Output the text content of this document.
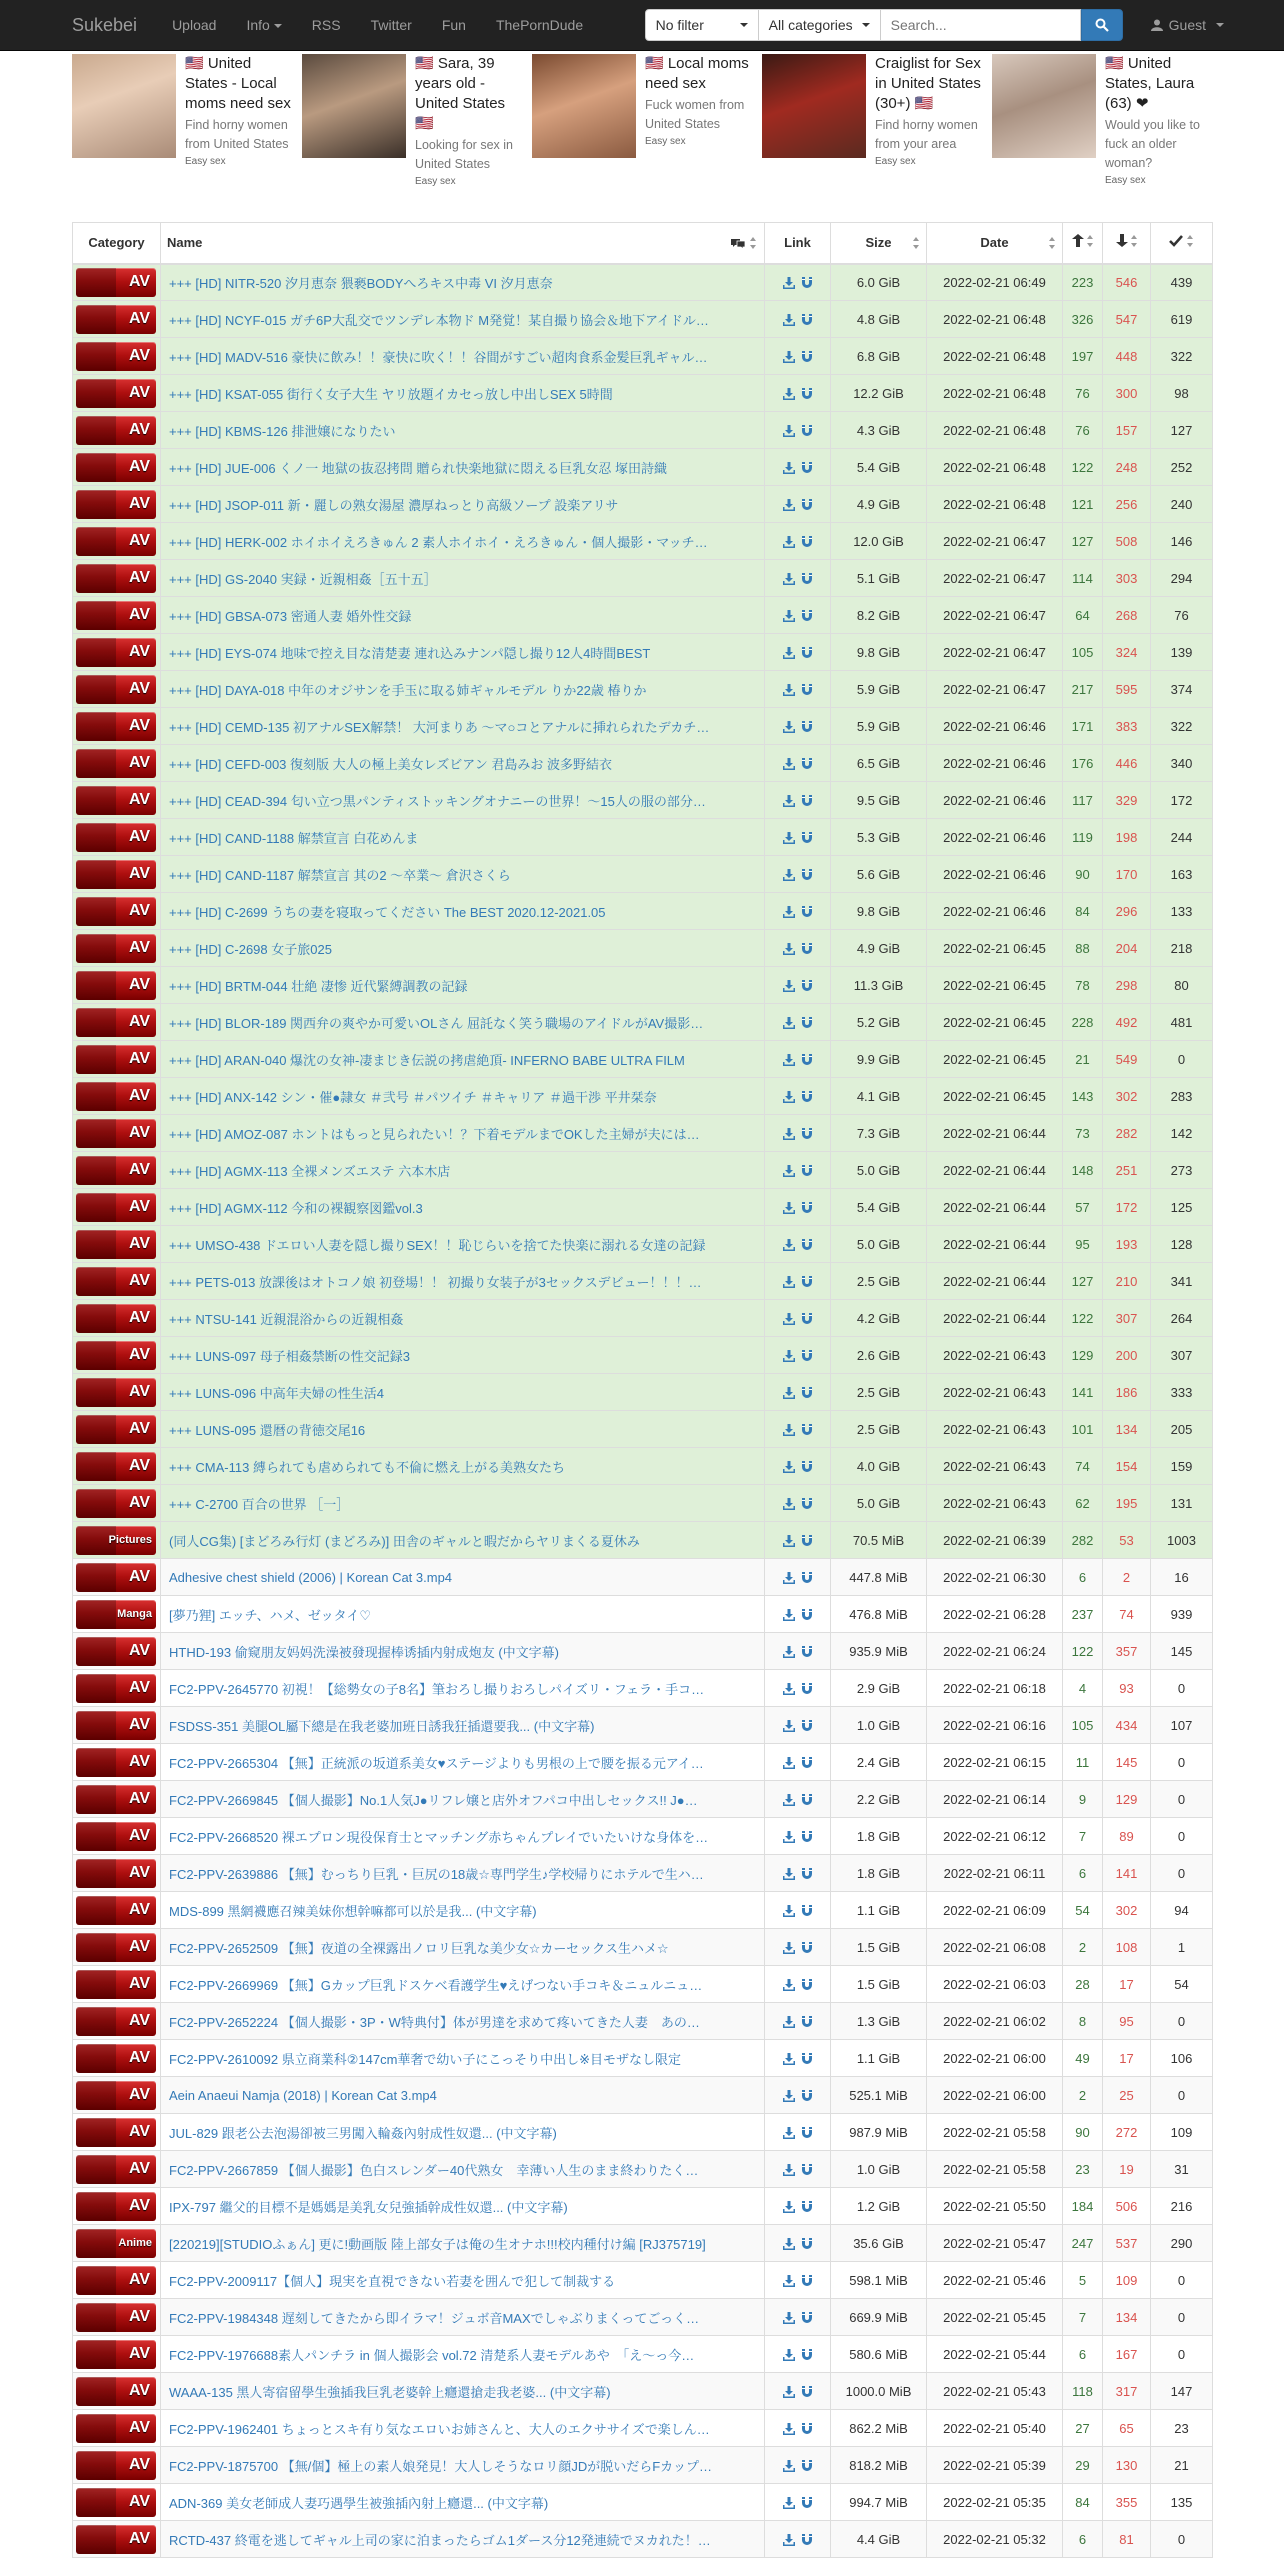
Sukebei	Upload	Info	RSS	Twitter	Fun	ThePornDude	No filter	All categories
Search...	Guest
🇺🇸 United States - Local moms need sex
Find horny women from United States
Easy sex
🇺🇸 Sara, 39 years old - United States 🇺🇸
Looking for sex in United States
Easy sex
🇺🇸 Local moms need sex
Fuck women from United States
Easy sex
Craiglist for Sex in United States (30+) 🇺🇸
Find horny women from your area
Easy sex
🇺🇸 United States, Laura (63) ❤
Would you like to fuck an older woman?
Easy sex
Category	Name	Link	Size	Date

AV	+++ [HD] NITR-520 汐月恵奈 猥褻BODYへろキス中毒 VI 汐月恵奈		6.0 GiB	2022-02-21 06:49	223	546	439

AV	+++ [HD] NCYF-015 ガチ6P大乱交でツンデレ本物ド M発覚！某自撮り協会＆地下アイドル…		4.8 GiB	2022-02-21 06:48	326	547	619

AV	+++ [HD] MADV-516 豪快に飲み！！豪快に吹く！！谷間がすごい超肉食系金髪巨乳ギャル…		6.8 GiB	2022-02-21 06:48	197	448	322

AV	+++ [HD] KSAT-055 街行く女子大生 ヤリ放題イカセっ放し中出しSEX 5時間		12.2 GiB	2022-02-21 06:48	76	300	98

AV	+++ [HD] KBMS-126 排泄嬢になりたい		4.3 GiB	2022-02-21 06:48	76	157	127

AV	+++ [HD] JUE-006 くノ一 地獄の抜忍拷問 贈られ快楽地獄に悶える巨乳女忍 塚田詩織		5.4 GiB	2022-02-21 06:48	122	248	252

AV	+++ [HD] JSOP-011 新・麗しの熟女湯屋 濃厚ねっとり高級ソープ 設楽アリサ		4.9 GiB	2022-02-21 06:48	121	256	240

AV	+++ [HD] HERK-002 ホイホイえろきゅん 2 素人ホイホイ・えろきゅん・個人撮影・マッチ…		12.0 GiB	2022-02-21 06:47	127	508	146

AV	+++ [HD] GS-2040 実録・近親相姦［五十五］		5.1 GiB	2022-02-21 06:47	114	303	294

AV	+++ [HD] GBSA-073 密通人妻 婚外性交録		8.2 GiB	2022-02-21 06:47	64	268	76

AV	+++ [HD] EYS-074 地味で控え目な清楚妻 連れ込みナンパ隠し撮り12人4時間BEST		9.8 GiB	2022-02-21 06:47	105	324	139

AV	+++ [HD] DAYA-018 中年のオジサンを手玉に取る姉ギャルモデル りか22歳 椿りか		5.9 GiB	2022-02-21 06:47	217	595	374

AV	+++ [HD] CEMD-135 初アナルSEX解禁！ 大河まりあ ～マ○コとアナルに挿れられたデカチ…		5.9 GiB	2022-02-21 06:46	171	383	322

AV	+++ [HD] CEFD-003 復刻版 大人の極上美女レズビアン 君島みお 波多野結衣		6.5 GiB	2022-02-21 06:46	176	446	340

AV	+++ [HD] CEAD-394 匂い立つ黒パンティストッキングオナニーの世界！～15人の服の部分…		9.5 GiB	2022-02-21 06:46	117	329	172

AV	+++ [HD] CAND-1188 解禁宣言 白花めんま		5.3 GiB	2022-02-21 06:46	119	198	244

AV	+++ [HD] CAND-1187 解禁宣言 其の2 ～卒業～ 倉沢さくら		5.6 GiB	2022-02-21 06:46	90	170	163

AV	+++ [HD] C-2699 うちの妻を寝取ってください The BEST 2020.12-2021.05		9.8 GiB	2022-02-21 06:46	84	296	133

AV	+++ [HD] C-2698 女子旅025		4.9 GiB	2022-02-21 06:45	88	204	218

AV	+++ [HD] BRTM-044 壮絶 凄惨 近代緊縛調教の記録		11.3 GiB	2022-02-21 06:45	78	298	80

AV	+++ [HD] BLOR-189 関西弁の爽やか可愛いOLさん 屈託なく笑う職場のアイドルがAV撮影…		5.2 GiB	2022-02-21 06:45	228	492	481

AV	+++ [HD] ARAN-040 爆沈の女神-凄まじき伝説の拷虐絶頂- INFERNO BABE ULTRA FILM		9.9 GiB	2022-02-21 06:45	21	549	0

AV	+++ [HD] ANX-142 シン・催●隷女 ＃弐号 ＃パツイチ ＃キャリア ＃過干渉 平井栞奈		4.1 GiB	2022-02-21 06:45	143	302	283

AV	+++ [HD] AMOZ-087 ホントはもっと見られたい！？下着モデルまでOKした主婦が夫には…		7.3 GiB	2022-02-21 06:44	73	282	142

AV	+++ [HD] AGMX-113 全裸メンズエステ 六本木店		5.0 GiB	2022-02-21 06:44	148	251	273

AV	+++ [HD] AGMX-112 今和の裸観察図鑑vol.3		5.4 GiB	2022-02-21 06:44	57	172	125

AV	+++ UMSO-438 ドエロい人妻を隠し撮りSEX！！恥じらいを捨てた快楽に溺れる女達の記録		5.0 GiB	2022-02-21 06:44	95	193	128

AV	+++ PETS-013 放課後はオトコノ娘 初登場！！ 初撮り女装子が3セックスデビュー！！！…		2.5 GiB	2022-02-21 06:44	127	210	341

AV	+++ NTSU-141 近親混浴からの近親相姦		4.2 GiB	2022-02-21 06:44	122	307	264

AV	+++ LUNS-097 母子相姦禁断の性交記録3		2.6 GiB	2022-02-21 06:43	129	200	307

AV	+++ LUNS-096 中高年夫婦の性生活4		2.5 GiB	2022-02-21 06:43	141	186	333

AV	+++ LUNS-095 還暦の背徳交尾16		2.5 GiB	2022-02-21 06:43	101	134	205

AV	+++ CMA-113 縛られても虐められても不倫に燃え上がる美熟女たち		4.0 GiB	2022-02-21 06:43	74	154	159

AV	+++ C-2700 百合の世界 ［一］		5.0 GiB	2022-02-21 06:43	62	195	131

Pictures	(同人CG集) [まどろみ行灯 (まどろみ)] 田舎のギャルと暇だからヤリまくる夏休み		70.5 MiB	2022-02-21 06:39	282	53	1003

AV	Adhesive chest shield (2006) | Korean Cat 3.mp4		447.8 MiB	2022-02-21 06:30	6	2	16

Manga	[夢乃狸] エッチ、ハメ、ゼッタイ♡		476.8 MiB	2022-02-21 06:28	237	74	939

AV	HTHD-193 偷窥朋友妈妈洗澡被發现握棒诱插内射成炮友 (中文字幕)		935.9 MiB	2022-02-21 06:24	122	357	145

AV	FC2-PPV-2645770 初視！【総勢女の子8名】筆おろし撮りおろしパイズリ・フェラ・手コ…		2.9 GiB	2022-02-21 06:18	4	93	0

AV	FSDSS-351 美腿OL屬下總是在我老婆加班日誘我狂插還要我... (中文字幕)		1.0 GiB	2022-02-21 06:16	105	434	107

AV	FC2-PPV-2665304 【無】正統派の坂道系美女♥ステージよりも男根の上で腰を振る元アイ…		2.4 GiB	2022-02-21 06:15	11	145	0

AV	FC2-PPV-2669845 【個人撮影】No.1人気J●リフレ嬢と店外オフパコ中出しセックス!! J●…		2.2 GiB	2022-02-21 06:14	9	129	0

AV	FC2-PPV-2668520 裸エプロン現役保育士とマッチング赤ちゃんプレイでいたいけな身体を…		1.8 GiB	2022-02-21 06:12	7	89	0

AV	FC2-PPV-2639886 【無】むっちり巨乳・巨尻の18歳☆専門学生♪学校帰りにホテルで生ハ…		1.8 GiB	2022-02-21 06:11	6	141	0

AV	MDS-899 黑網襪應召辣美妹你想幹嘛都可以於是我... (中文字幕)		1.1 GiB	2022-02-21 06:09	54	302	94

AV	FC2-PPV-2652509 【無】夜道の全裸露出ノロリ巨乳な美少女☆カーセックス生ハメ☆		1.5 GiB	2022-02-21 06:08	2	108	1

AV	FC2-PPV-2669969 【無】Gカップ巨乳ドスケベ看護学生♥えげつない手コキ＆ニュルニュ…		1.5 GiB	2022-02-21 06:03	28	17	54

AV	FC2-PPV-2652224 【個人撮影・3P・W特典付】体が男達を求めて疼いてきた人妻　あの…		1.3 GiB	2022-02-21 06:02	8	95	0

AV	FC2-PPV-2610092 県立商業科②147cm華奢で幼い子にこっそり中出し※目モザなし限定		1.1 GiB	2022-02-21 06:00	49	17	106

AV	Aein Anaeui Namja (2018) | Korean Cat 3.mp4		525.1 MiB	2022-02-21 06:00	2	25	0

AV	JUL-829 跟老公去泡湯卻被三男闖入輪姦內射成性奴還... (中文字幕)		987.9 MiB	2022-02-21 05:58	90	272	109

AV	FC2-PPV-2667859 【個人撮影】色白スレンダー40代熟女　幸薄い人生のまま終わりたく…		1.0 GiB	2022-02-21 05:58	23	19	31

AV	IPX-797 繼父的目標不是媽媽是美乳女兒強插幹成性奴還... (中文字幕)		1.2 GiB	2022-02-21 05:50	184	506	216

Anime	[220219][STUDIOふぁん] 更に!動画版 陸上部女子は俺の生オナホ!!!校内種付け編 [RJ375719]		35.6 GiB	2022-02-21 05:47	247	537	290

AV	FC2-PPV-2009117【個人】現実を直視できない若妻を囲んで犯して制裁する		598.1 MiB	2022-02-21 05:46	5	109	0

AV	FC2-PPV-1984348 遅刻してきたから即イラマ！ジュボ音MAXでしゃぶりまくってごっく…		669.9 MiB	2022-02-21 05:45	7	134	0

AV	FC2-PPV-1976688素人パンチラ in 個人撮影会 vol.72 清楚系人妻モデルあや　「え～っ今…		580.6 MiB	2022-02-21 05:44	6	167	0

AV	WAAA-135 黑人寄宿留學生強插我巨乳老婆幹上癮還搶走我老婆... (中文字幕)		1000.0 MiB	2022-02-21 05:43	118	317	147

AV	FC2-PPV-1962401 ちょっとスキ有り気なエロいお姉さんと、大人のエクササイズで楽しん…		862.2 MiB	2022-02-21 05:40	27	65	23

AV	FC2-PPV-1875700 【無/個】極上の素人娘発見！大人しそうなロリ顔JDが脱いだらFカップ…		818.2 MiB	2022-02-21 05:39	29	130	21

AV	ADN-369 美女老師成人妻巧遇學生被強插內射上癮還... (中文字幕)		994.7 MiB	2022-02-21 05:35	84	355	135

AV	RCTD-437 終電を逃してギャル上司の家に泊まったらゴム1ダース分12発連続でヌカれた！…		4.4 GiB	2022-02-21 05:32	6	81	0
